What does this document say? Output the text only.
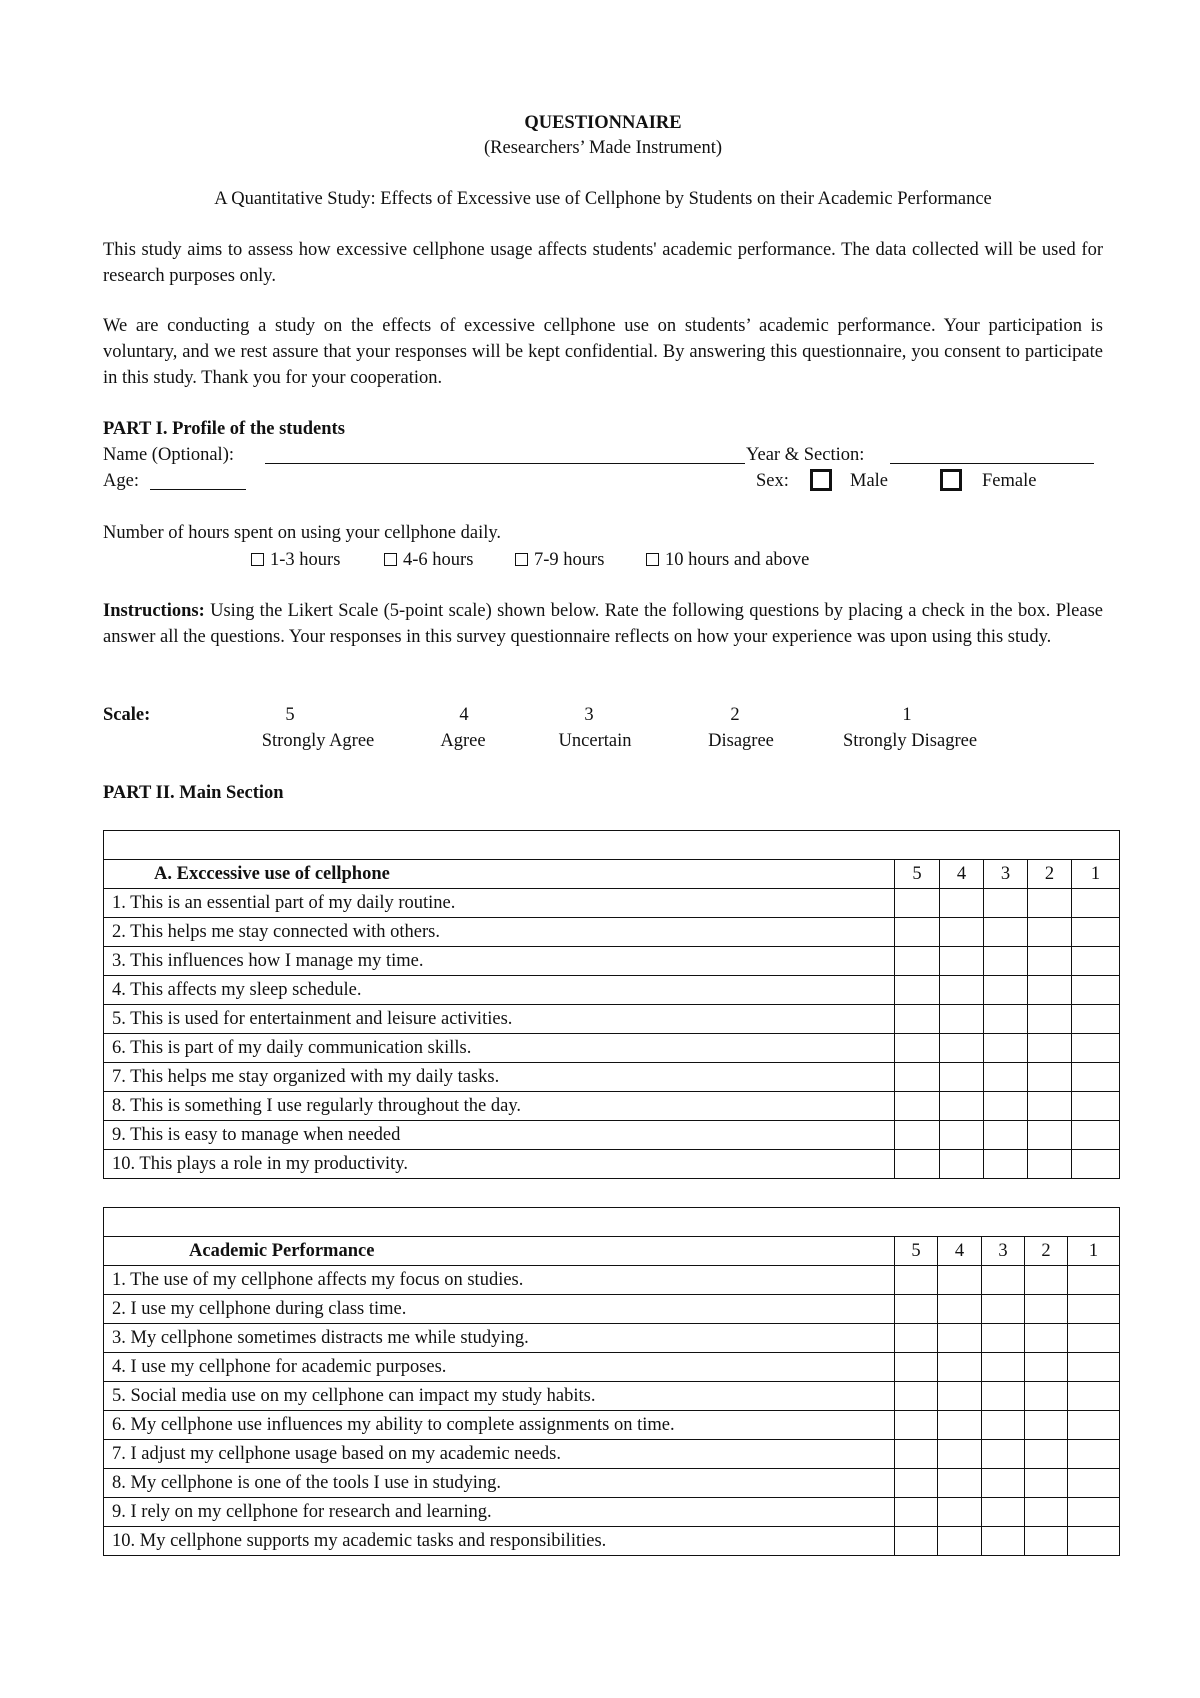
QUESTIONNAIRE
(Researchers’ Made Instrument)
A Quantitative Study: Effects of Excessive use of Cellphone by Students on their Academic Performance
This study aims to assess how excessive cellphone usage affects students' academic performance. The data collected will be used for research purposes only.
We are conducting a study on the effects of excessive cellphone use on students’ academic performance. Your participation is voluntary, and we rest assure that your responses will be kept confidential. By answering this questionnaire, you consent to participate in this study. Thank you for your cooperation.
PART I. Profile of the students
Name (Optional):	Year & Section:
Age:	Sex:	Male	Female
Number of hours spent on using your cellphone daily.
1-3 hours	4-6 hours	7-9 hours	10 hours and above
Instructions: Using the Likert Scale (5-point scale) shown below. Rate the following questions by placing a check in the box. Please answer all the questions. Your responses in this survey questionnaire reflects on how your experience was upon using this study.
Scale:	5
Strongly Agree
4
Agree
3
Uncertain
2
Disagree
1
Strongly Disagree
PART II. Main Section

A. Exccessive use of cellphone	5	4	3	2	1
1. This is an essential part of my daily routine.					
2. This helps me stay connected with others.					
3. This influences how I manage my time.					
4. This affects my sleep schedule.					
5. This is used for entertainment and leisure activities.					
6. This is part of my daily communication skills.					
7. This helps me stay organized with my daily tasks.					
8. This is something I use regularly throughout the day.					
9. This is easy to manage when needed					
10. This plays a role in my productivity.					

Academic Performance	5	4	3	2	1
1. The use of my cellphone affects my focus on studies.					
2. I use my cellphone during class time.					
3. My cellphone sometimes distracts me while studying.					
4. I use my cellphone for academic purposes.					
5. Social media use on my cellphone can impact my study habits.					
6. My cellphone use influences my ability to complete assignments on time.					
7. I adjust my cellphone usage based on my academic needs.					
8. My cellphone is one of the tools I use in studying.					
9. I rely on my cellphone for research and learning.					
10. My cellphone supports my academic tasks and responsibilities.					
